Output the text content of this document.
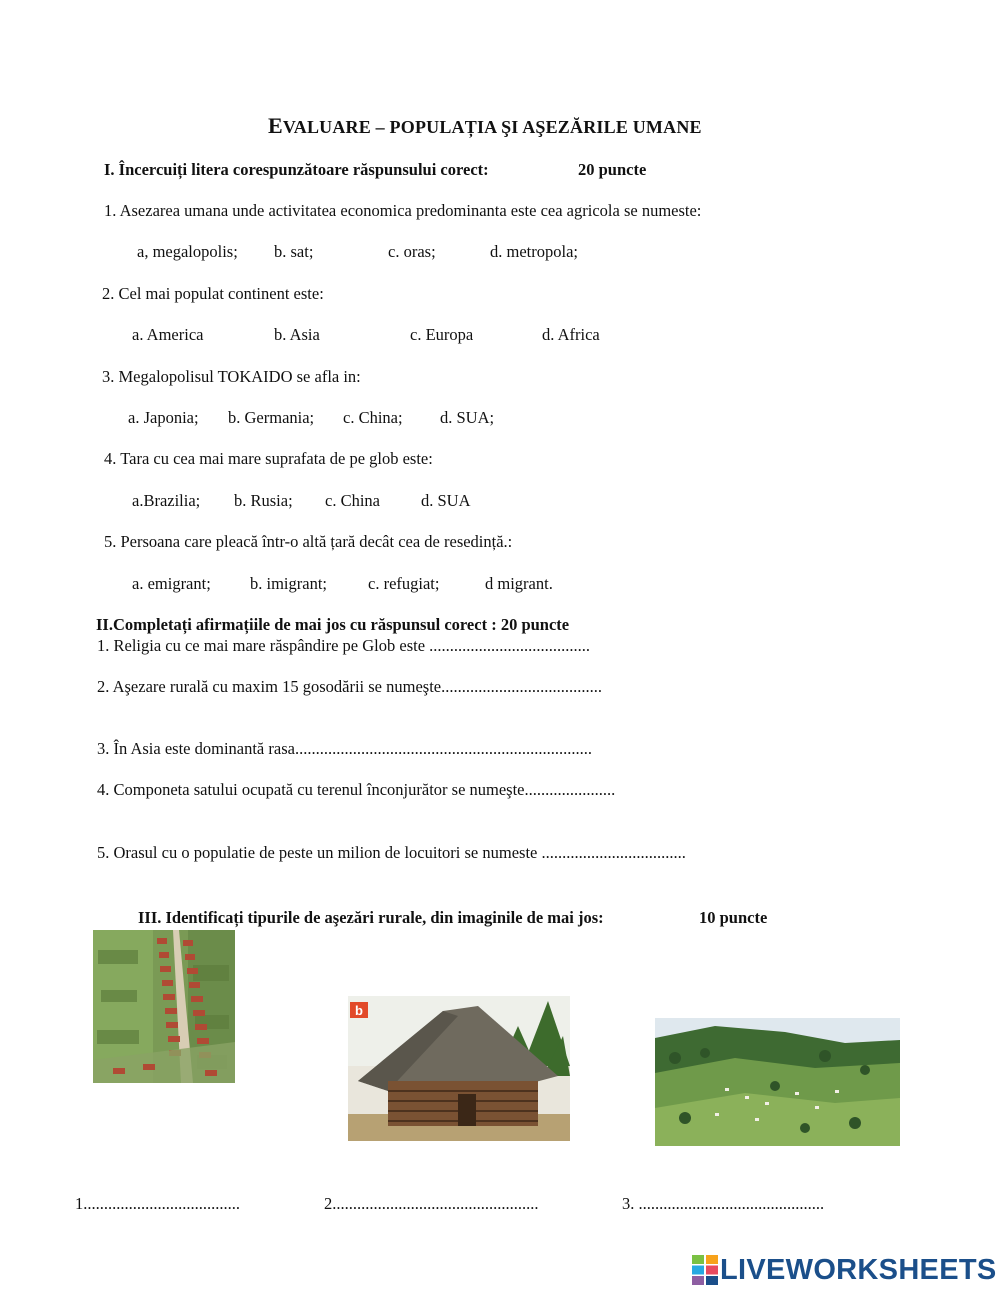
EVALUARE – POPULAȚIA ŞI AŞEZĂRILE UMANE
I. Încercuiți litera corespunzătoare răspunsului corect:	20 puncte
1. Asezarea umana unde activitatea economica predominanta este cea agricola se numeste:
a, megalopolis; b. sat;	c. oras;	d. metropola;
2. Cel mai populat continent este:
a. America	b. Asia	c. Europa	d. Africa
3. Megalopolisul TOKAIDO se afla in:
a. Japonia; b. Germania; c. China; d. SUA;
4. Tara cu cea mai mare suprafata de pe glob este:
a.Brazilia; b. Rusia; c. China d. SUA
5. Persoana care pleacă într-o altă țară decât cea de resedință.:
a. emigrant; b. imigrant; c. refugiat;	d migrant.
II.Completați afirmațiile de mai jos cu răspunsul corect : 20 puncte
1. Religia cu ce mai mare răspândire pe Glob este .......................................
2. Aşezare rurală cu maxim 15 gosodării se numeşte.......................................
3. În Asia este dominantă rasa........................................................................
4. Componeta satului ocupată cu terenul înconjurător se numeşte......................
5. Orasul cu o populatie de peste un milion de locuitori se numeste ...................................
III. Identificați tipurile de aşezări rurale, din imaginile de mai jos:	10 puncte
b
1......................................	2..................................................	3. .............................................
LIVEWORKSHEETS
